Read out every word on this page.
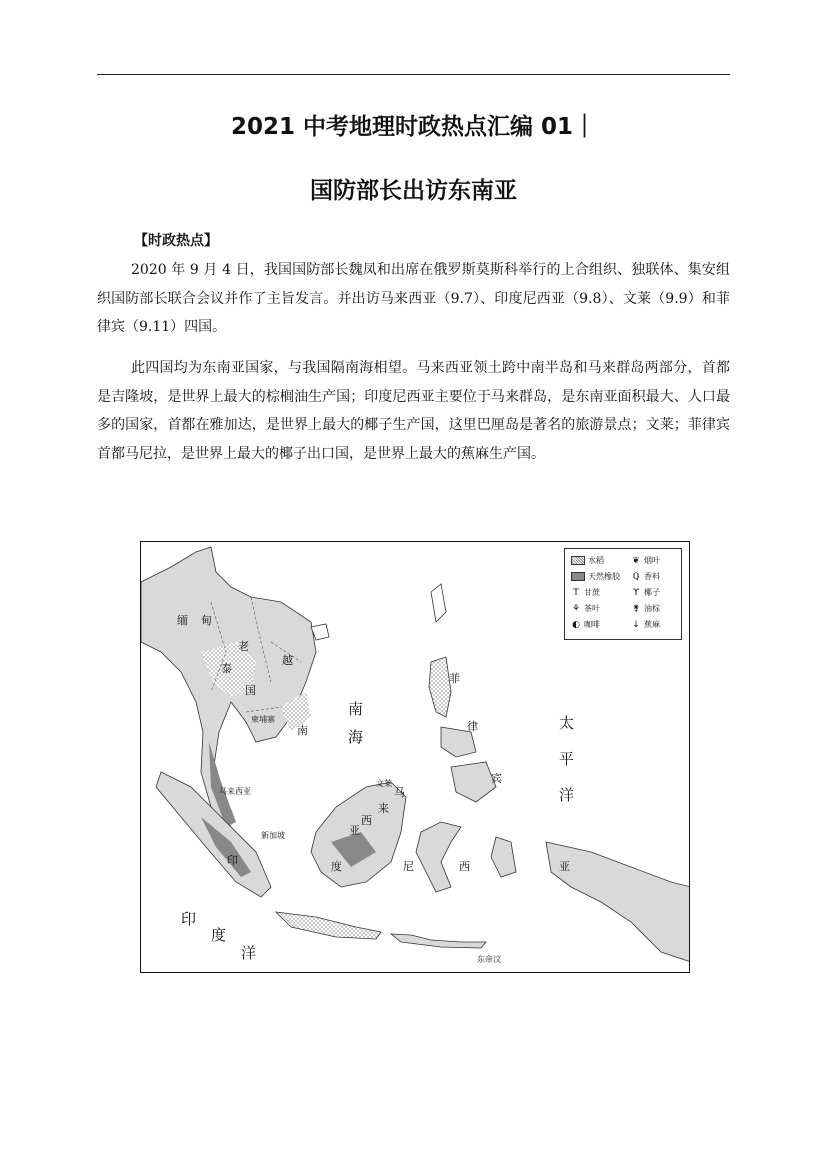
2021 中考地理时政热点汇编 01｜
国防部长出访东南亚
【时政热点】
2020 年 9 月 4 日，我国国防部长魏凤和出席在俄罗斯莫斯科举行的上合组织、独联体、集安组织国防部长联合会议并作了主旨发言。并出访马来西亚（9.7）、印度尼西亚（9.8）、文莱（9.9）和菲律宾（9.11）四国。
此四国均为东南亚国家，与我国隔南海相望。马来西亚领土跨中南半岛和马来群岛两部分，首都是吉隆坡，是世界上最大的棕榈油生产国；印度尼西亚主要位于马来群岛，是东南亚面积最大、人口最多的国家，首都在雅加达，是世界上最大的椰子生产国，这里巴厘岛是著名的旅游景点；文莱；菲律宾首都马尼拉，是世界上最大的椰子出口国，是世界上最大的蕉麻生产国。
水稻	❦ 烟叶
天然橡胶 ℚ 香料
T 甘蔗	ϒ 椰子
⚘ 茶叶	⚵ 油棕
◐ 咖啡	↓ 蕉麻
缅 甸
老
泰
国
越
南
柬埔寨
马来西亚
新加坡
文莱
马
来
西
亚
菲
律
宾
印	度	尼	西	亚
东帝汶
南
海
太
平
洋
印
度
洋
